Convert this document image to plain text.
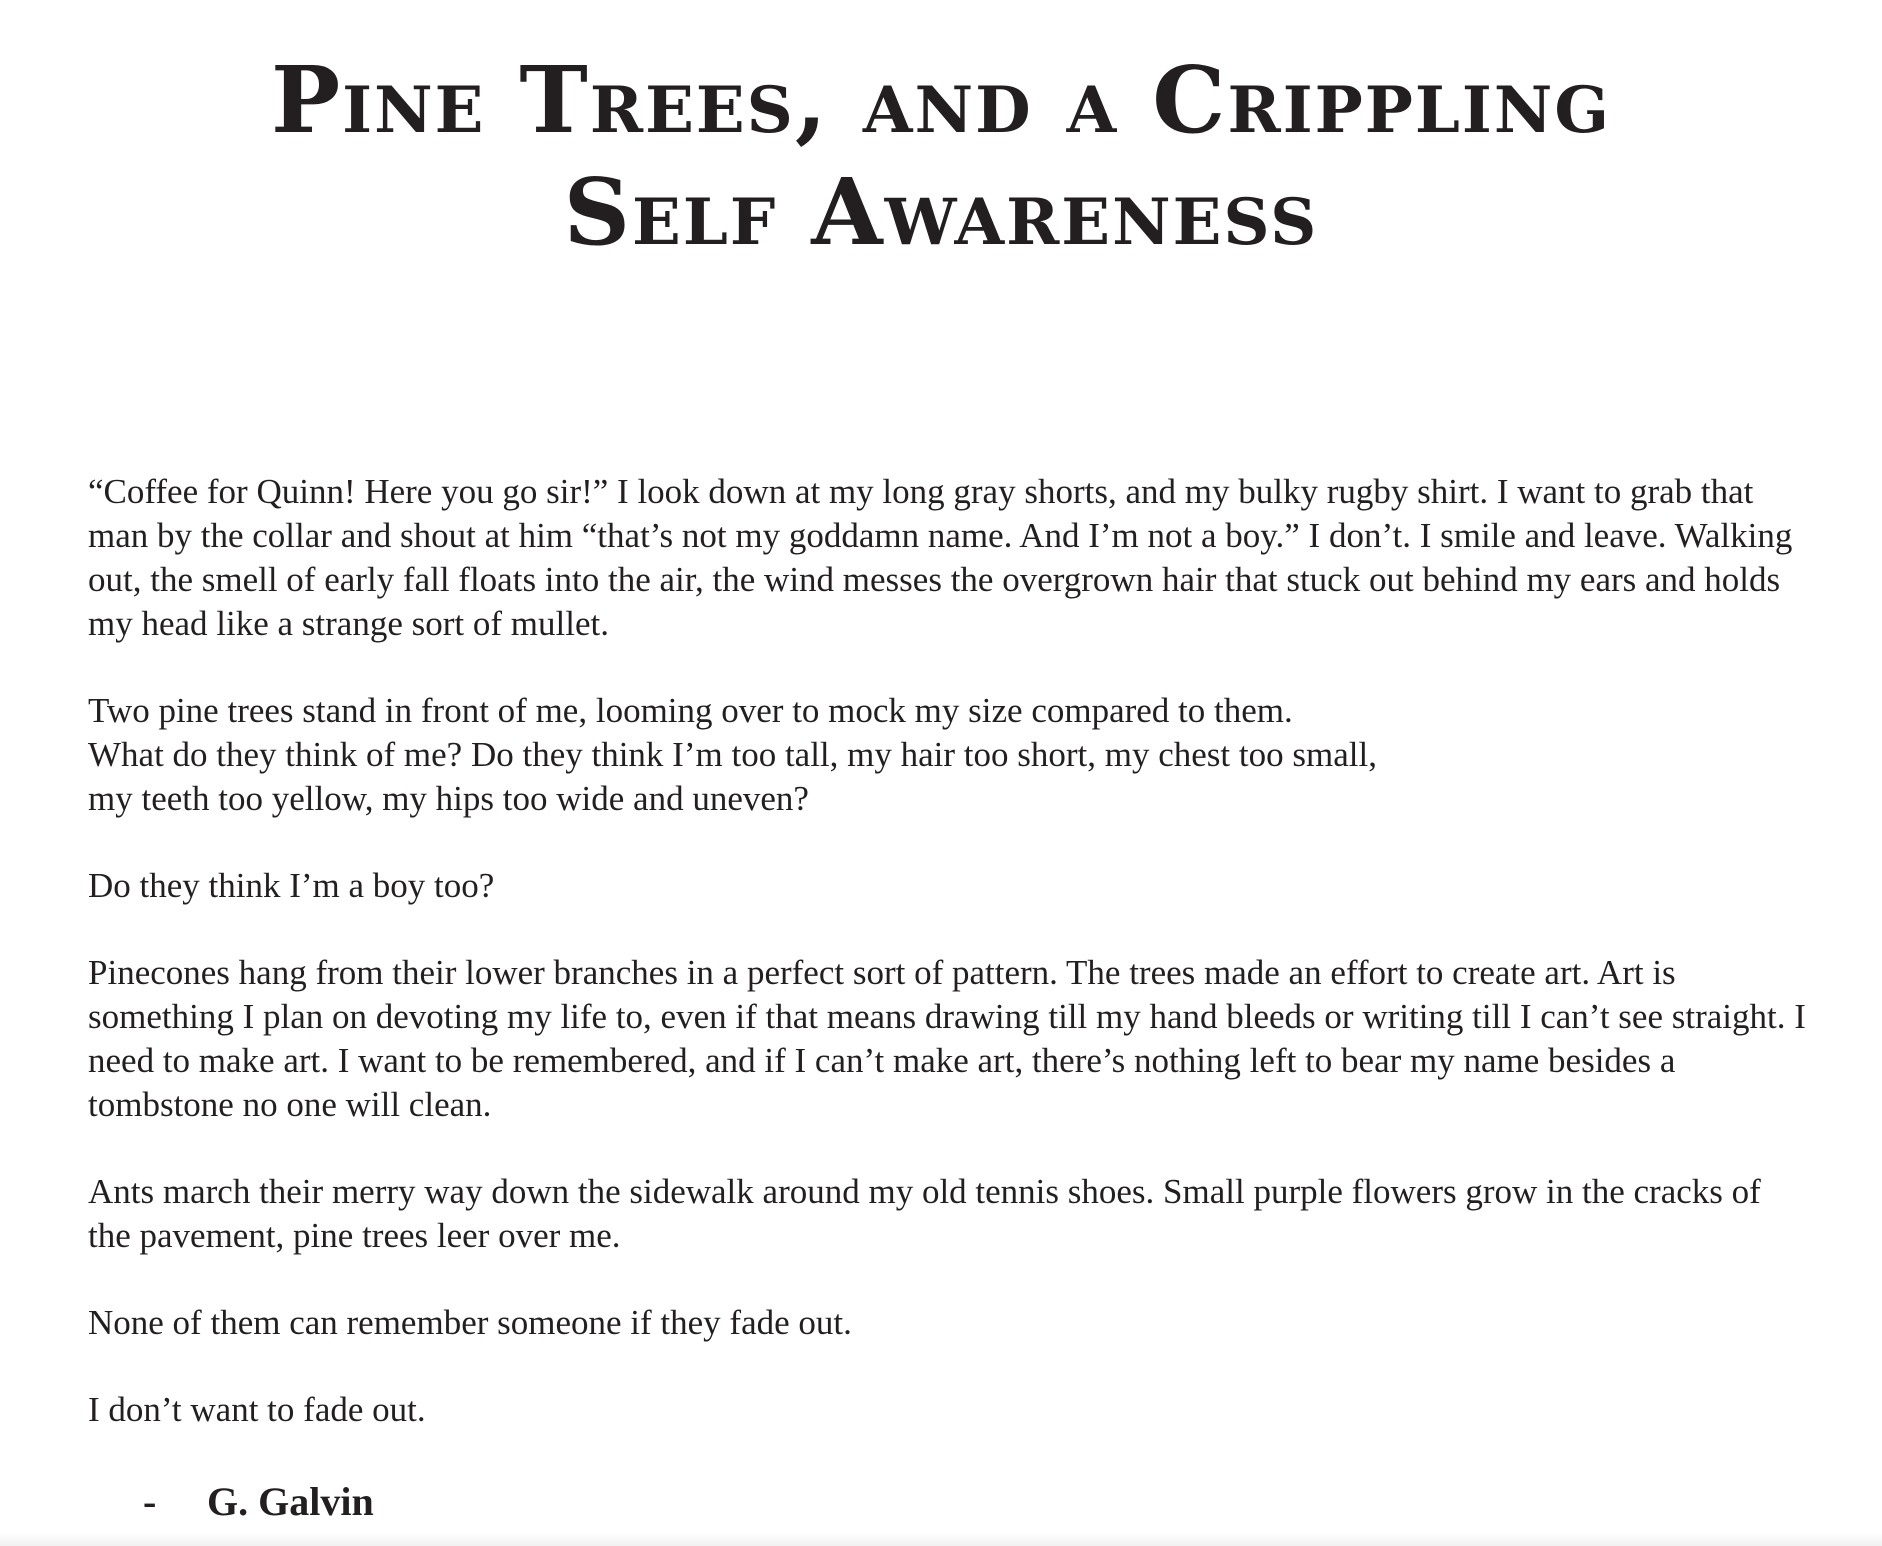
Pine Trees, and a Crippling
Self Awareness

“Coffee for Quinn! Here you go sir!” I look down at my long gray shorts, and my bulky rugby shirt. I want to grab that man by the collar and shout at him “that’s not my goddamn name. And I’m not a boy.” I don’t. I smile and leave. Walking out, the smell of early fall floats into the air, the wind messes the overgrown hair that stuck out behind my ears and holds my head like a strange sort of mullet.

Two pine trees stand in front of me, looming over to mock my size compared to them.
What do they think of me? Do they think I’m too tall, my hair too short, my chest too small,
my teeth too yellow, my hips too wide and uneven?

Do they think I’m a boy too?

Pinecones hang from their lower branches in a perfect sort of pattern. The trees made an effort to create art. Art is something I plan on devoting my life to, even if that means drawing till my hand bleeds or writing till I can’t see straight. I need to make art. I want to be remembered, and if I can’t make art, there’s nothing left to bear my name besides a tombstone no one will clean.

Ants march their merry way down the sidewalk around my old tennis shoes. Small purple flowers grow in the cracks of the pavement, pine trees leer over me.

None of them can remember someone if they fade out.

I don’t want to fade out.

- G. Galvin
